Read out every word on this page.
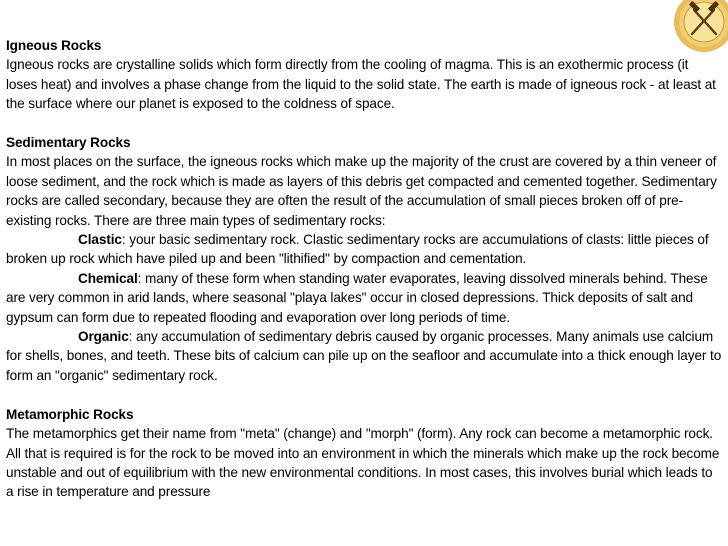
Igneous Rocks
Igneous rocks are crystalline solids which form directly from the cooling of magma. This is an exothermic process (it loses heat) and involves a phase change from the liquid to the solid state. The earth is made of igneous rock - at least at the surface where our planet is exposed to the coldness of space.
Sedimentary Rocks
In most places on the surface, the igneous rocks which make up the majority of the crust are covered by a thin veneer of loose sediment, and the rock which is made as layers of this debris get compacted and cemented together. Sedimentary rocks are called secondary, because they are often the result of the accumulation of small pieces broken off of pre-existing rocks. There are three main types of sedimentary rocks:
Clastic: your basic sedimentary rock. Clastic sedimentary rocks are accumulations of clasts: little pieces of broken up rock which have piled up and been "lithified" by compaction and cementation.
Chemical: many of these form when standing water evaporates, leaving dissolved minerals behind. These are very common in arid lands, where seasonal "playa lakes" occur in closed depressions. Thick deposits of salt and gypsum can form due to repeated flooding and evaporation over long periods of time.
Organic: any accumulation of sedimentary debris caused by organic processes. Many animals use calcium for shells, bones, and teeth. These bits of calcium can pile up on the seafloor and accumulate into a thick enough layer to form an "organic" sedimentary rock.
Metamorphic Rocks
The metamorphics get their name from "meta" (change) and "morph" (form). Any rock can become a metamorphic rock. All that is required is for the rock to be moved into an environment in which the minerals which make up the rock become unstable and out of equilibrium with the new environmental conditions. In most cases, this involves burial which leads to a rise in temperature and pressure
